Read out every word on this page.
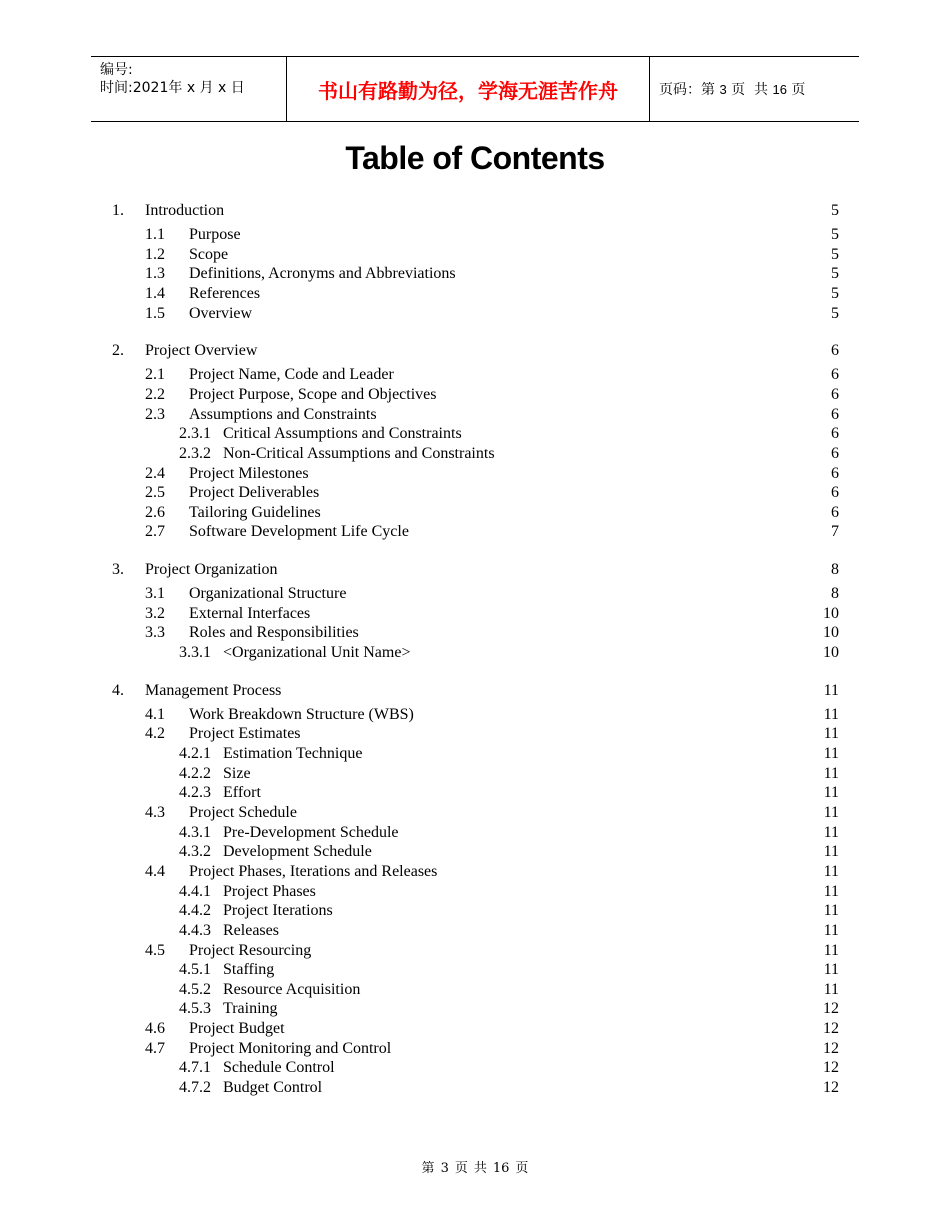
编号:
时间:2021年 x 月 x 日	书山有路勤为径，学海无涯苦作舟	页码：第
3
页  共
16
页
Table of Contents
1. Introduction	5
1.1 Purpose	5
1.2 Scope	5
1.3 Definitions, Acronyms and Abbreviations	5
1.4 References	5
1.5 Overview	5
2. Project Overview	6
2.1 Project Name, Code and Leader	6
2.2 Project Purpose, Scope and Objectives	6
2.3 Assumptions and Constraints	6
2.3.1 Critical Assumptions and Constraints	6
2.3.2 Non-Critical Assumptions and Constraints	6
2.4 Project Milestones	6
2.5 Project Deliverables	6
2.6 Tailoring Guidelines	6
2.7 Software Development Life Cycle	7
3. Project Organization	8
3.1 Organizational Structure	8
3.2 External Interfaces	10
3.3 Roles and Responsibilities	10
3.3.1 <Organizational Unit Name>	10
4. Management Process	11
4.1 Work Breakdown Structure (WBS)	11
4.2 Project Estimates	11
4.2.1 Estimation Technique	11
4.2.2 Size	11
4.2.3 Effort	11
4.3 Project Schedule	11
4.3.1 Pre-Development Schedule	11
4.3.2 Development Schedule	11
4.4 Project Phases, Iterations and Releases	11
4.4.1 Project Phases	11
4.4.2 Project Iterations	11
4.4.3 Releases	11
4.5 Project Resourcing	11
4.5.1 Staffing	11
4.5.2 Resource Acquisition	11
4.5.3 Training	12
4.6 Project Budget	12
4.7 Project Monitoring and Control	12
4.7.1 Schedule Control	12
4.7.2 Budget Control	12
第 3 页 共 16 页
